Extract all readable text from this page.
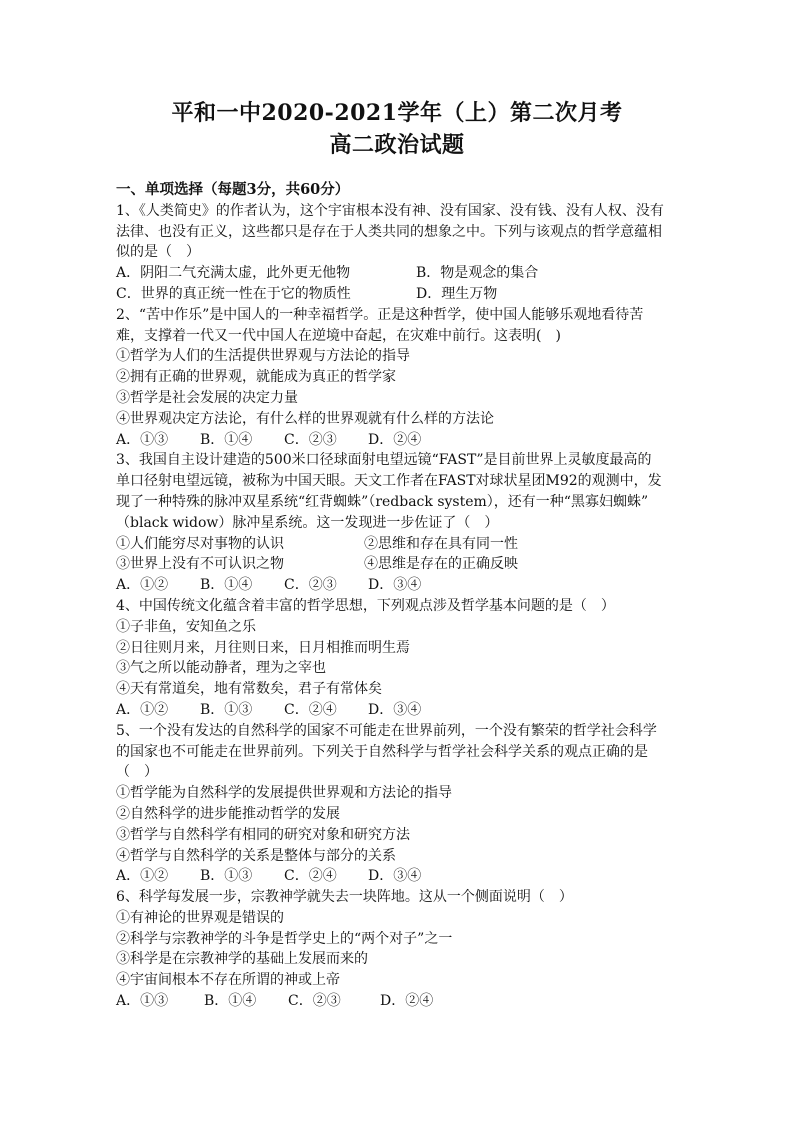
平和一中2020-2021学年（上）第二次月考
高二政治试题
一、单项选择（每题3分，共60分）
1、《人类简史》的作者认为，这个宇宙根本没有神、没有国家、没有钱、没有人权、没有
法律、也没有正义，这些都只是存在于人类共同的想象之中。下列与该观点的哲学意蕴相
似的是（　）
A．阴阳二气充满太虚，此外更无他物	B．物是观念的集合
C．世界的真正统一性在于它的物质性	D．理生万物
2、“苦中作乐”是中国人的一种幸福哲学。正是这种哲学，使中国人能够乐观地看待苦
难，支撑着一代又一代中国人在逆境中奋起，在灾难中前行。这表明(　)
①哲学为人们的生活提供世界观与方法论的指导
②拥有正确的世界观，就能成为真正的哲学家
③哲学是社会发展的决定力量
④世界观决定方法论，有什么样的世界观就有什么样的方法论
A．①③ B．①④ C．②③ D．②④
3、我国自主设计建造的500米口径球面射电望远镜“FAST”是目前世界上灵敏度最高的
单口径射电望远镜，被称为中国天眼。天文工作者在FAST对球状星团M92的观测中，发
现了一种特殊的脉冲双星系统“红背蜘蛛”（redback system），还有一种“黑寡妇蜘蛛”
（black widow）脉冲星系统。这一发现进一步佐证了（　）
①人们能穷尽对事物的认识	②思维和存在具有同一性
③世界上没有不可认识之物	④思维是存在的正确反映
A．①② B．①④ C．②③ D．③④
4、中国传统文化蕴含着丰富的哲学思想，下列观点涉及哲学基本问题的是（　）
①子非鱼，安知鱼之乐
②日往则月来，月往则日来，日月相推而明生焉
③气之所以能动静者，理为之宰也
④天有常道矣，地有常数矣，君子有常体矣
A．①② B．①③ C．②④ D．③④
5、一个没有发达的自然科学的国家不可能走在世界前列，一个没有繁荣的哲学社会科学
的国家也不可能走在世界前列。下列关于自然科学与哲学社会科学关系的观点正确的是
（　）
①哲学能为自然科学的发展提供世界观和方法论的指导
②自然科学的进步能推动哲学的发展
③哲学与自然科学有相同的研究对象和研究方法
④哲学与自然科学的关系是整体与部分的关系
A．①② B．①③ C．②④ D．③④
6、科学每发展一步，宗教神学就失去一块阵地。这从一个侧面说明（　）
①有神论的世界观是错误的
②科学与宗教神学的斗争是哲学史上的“两个对子”之一
③科学是在宗教神学的基础上发展而来的
④宇宙间根本不存在所谓的神或上帝
A．①③	B．①④ C．②③	D．②④
